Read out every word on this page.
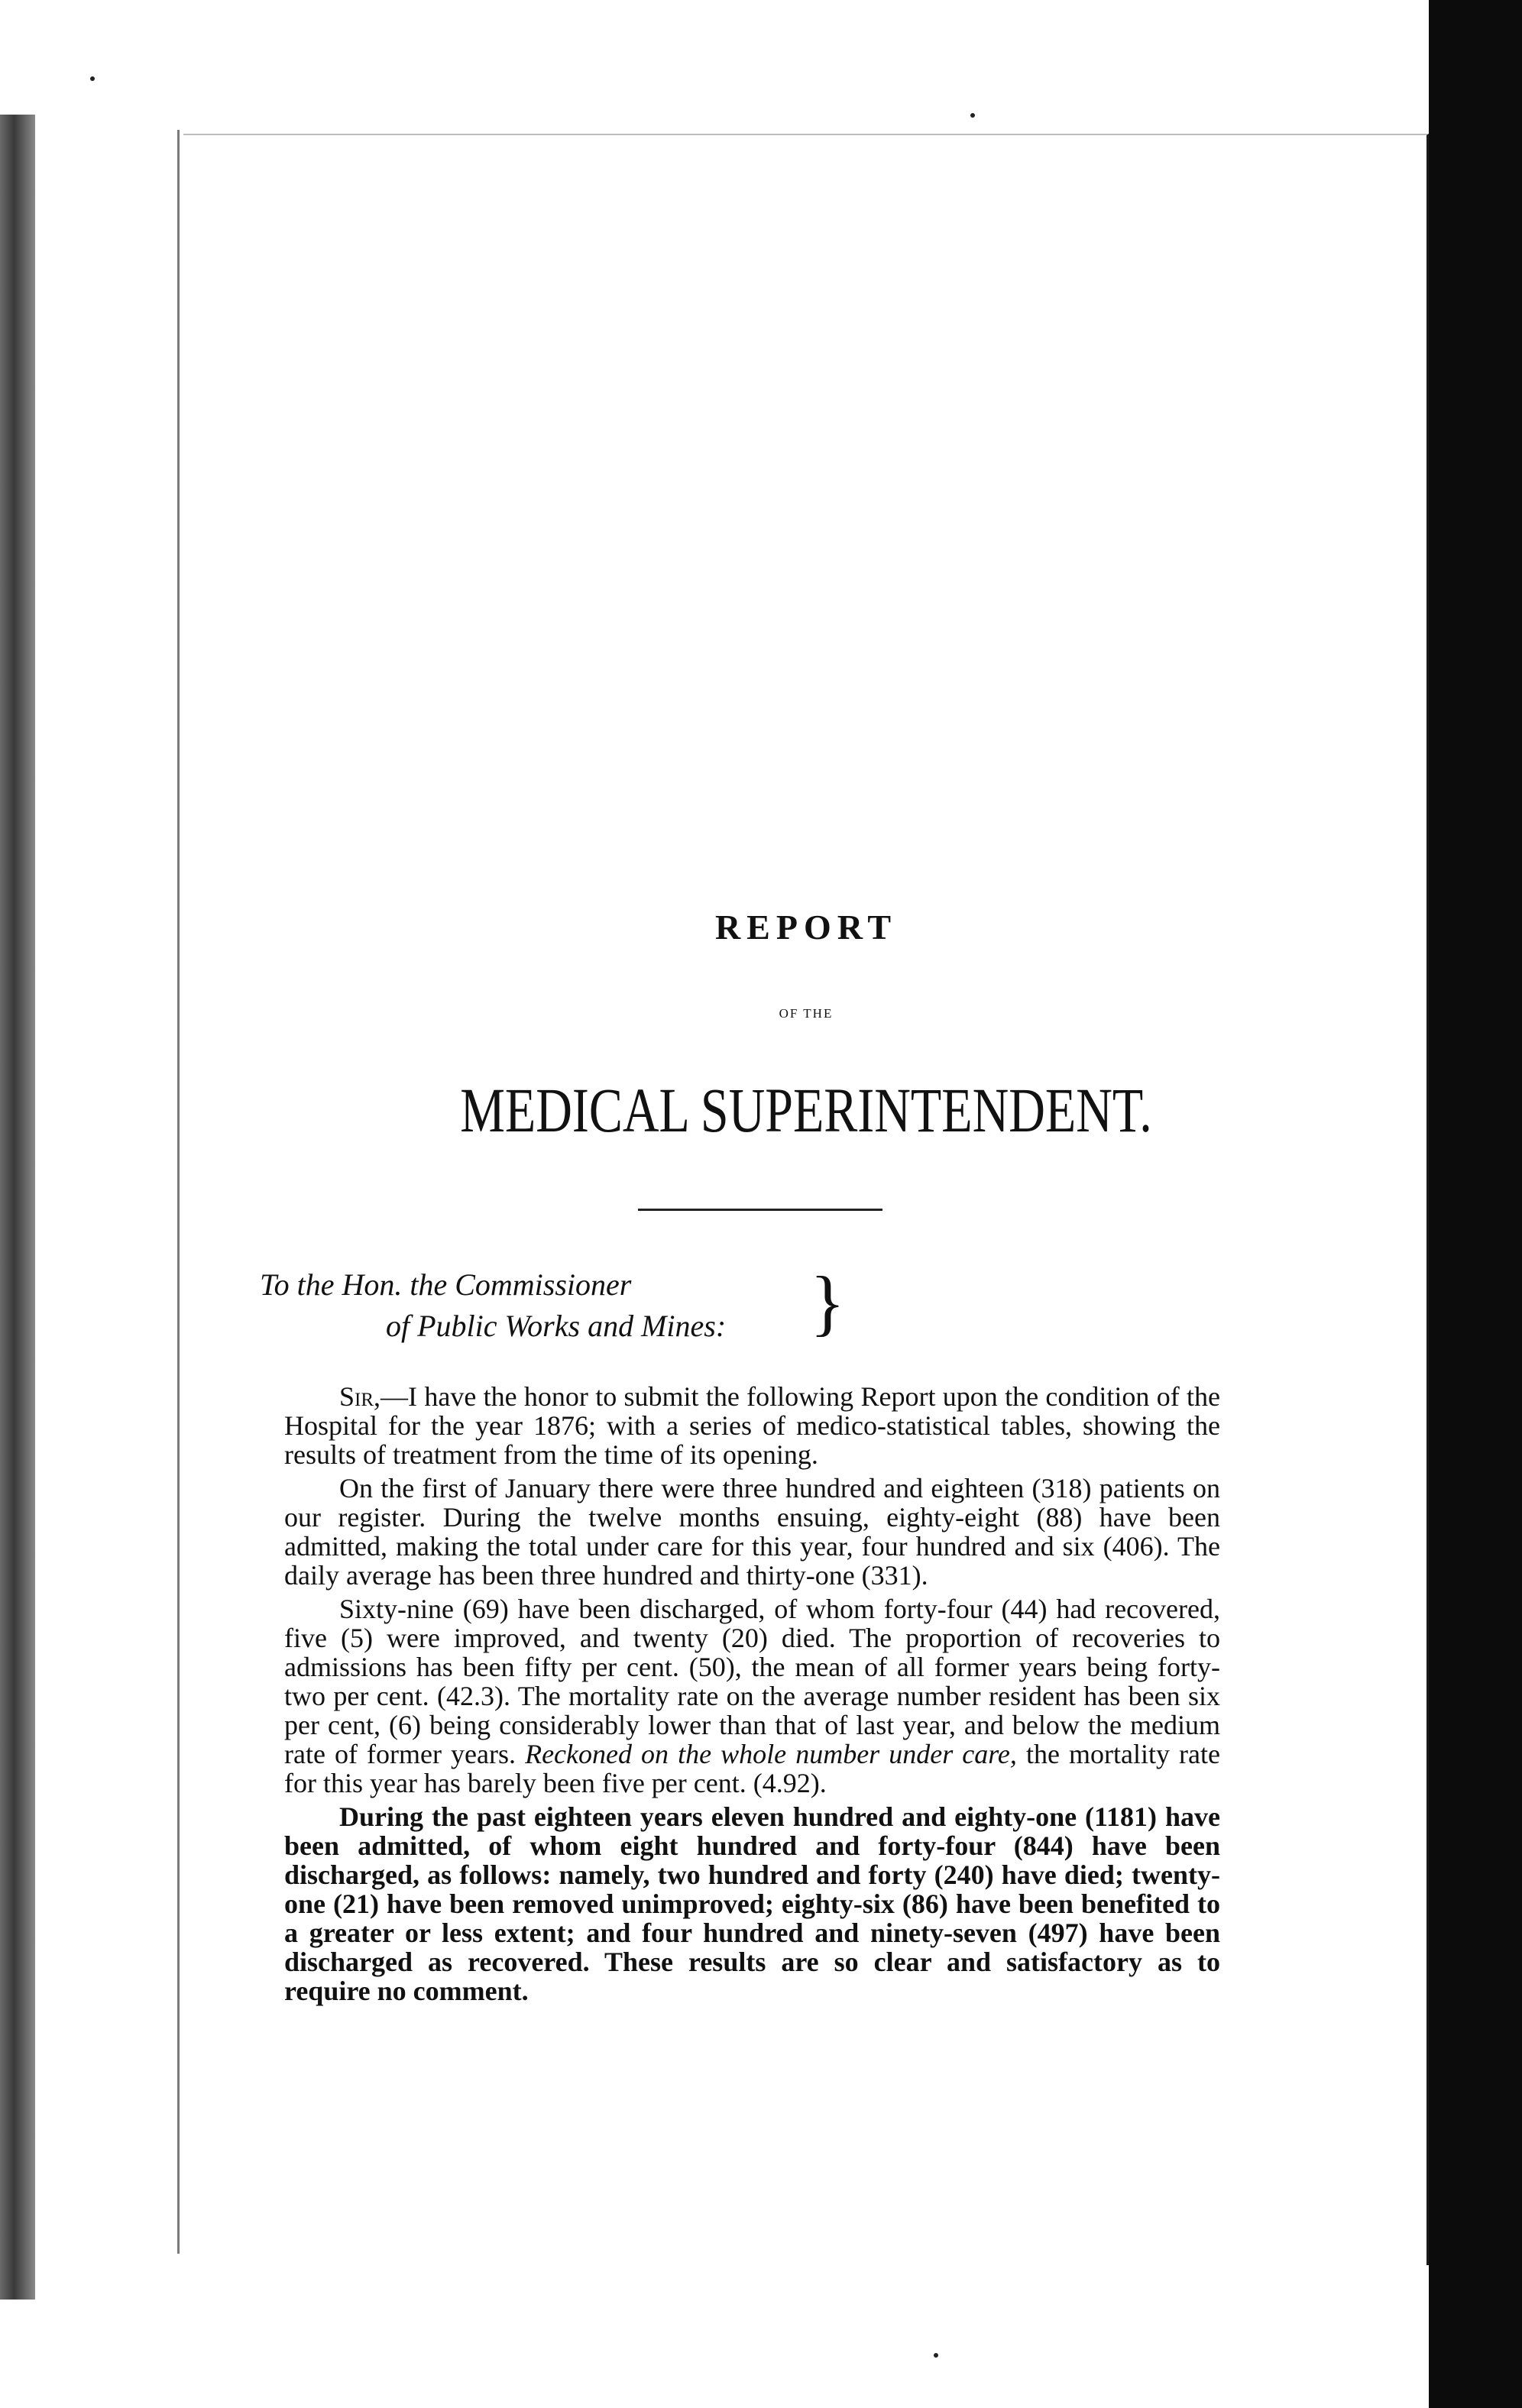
REPORT
OF THE
MEDICAL SUPERINTENDENT.
To the Hon. the Commissioner
of Public Works and Mines: }

Sir,—I have the honor to submit the following Report upon the condition of the Hospital for the year 1876; with a series of medico-statistical tables, showing the results of treatment from the time of its opening.

On the first of January there were three hundred and eighteen (318) patients on our register. During the twelve months ensuing, eighty-eight (88) have been admitted, making the total under care for this year, four hundred and six (406). The daily average has been three hundred and thirty-one (331).

Sixty-nine (69) have been discharged, of whom forty-four (44) had recovered, five (5) were improved, and twenty (20) died. The proportion of recoveries to admissions has been fifty per cent. (50), the mean of all former years being forty-two per cent. (42.3). The mortality rate on the average number resident has been six per cent, (6) being considerably lower than that of last year, and below the medium rate of former years. Reckoned on the whole number under care, the mortality rate for this year has barely been five per cent. (4.92).

During the past eighteen years eleven hundred and eighty-one (1181) have been admitted, of whom eight hundred and forty-four (844) have been discharged, as follows: namely, two hundred and forty (240) have died; twenty-one (21) have been removed unimproved; eighty-six (86) have been benefited to a greater or less extent; and four hundred and ninety-seven (497) have been discharged as recovered. These results are so clear and satisfactory as to require no comment.
